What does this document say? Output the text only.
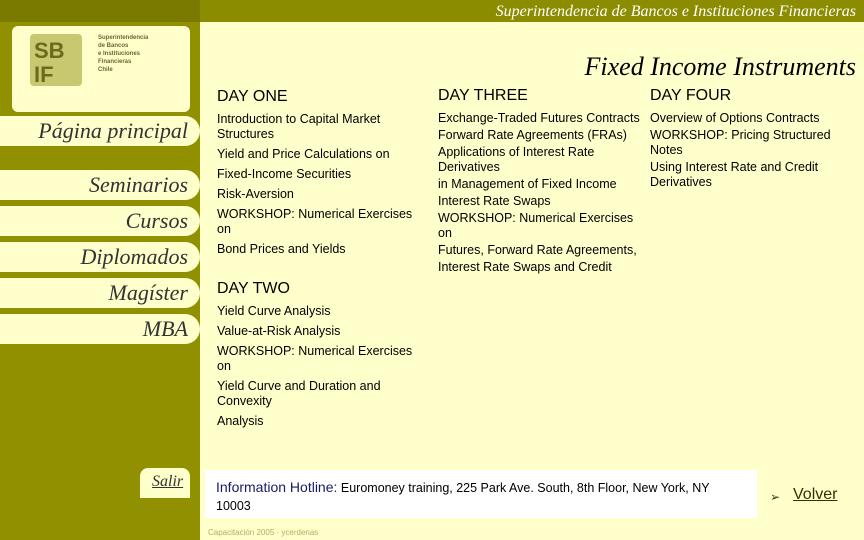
Superintendencia de Bancos e Instituciones Financieras
SB
IF
Superintendencia
de Bancos
e Instituciones
Financieras
Chile
Página principal
Seminarios
Cursos
Diplomados
Magíster
MBA
Salir
Fixed Income Instruments
DAY ONE
Introduction to Capital Market Structures
Yield and Price Calculations on
Fixed-Income Securities
Risk-Aversion
WORKSHOP: Numerical Exercises on
Bond Prices and Yields
DAY TWO
Yield Curve Analysis
Value-at-Risk Analysis
WORKSHOP: Numerical Exercises on
Yield Curve and Duration and Convexity
Analysis
DAY THREE
Exchange-Traded Futures Contracts
Forward Rate Agreements (FRAs)
Applications of Interest Rate Derivatives
in Management of Fixed Income
Interest Rate Swaps
WORKSHOP: Numerical Exercises on
Futures, Forward Rate Agreements,
Interest Rate Swaps and Credit
DAY FOUR
Overview of Options Contracts
WORKSHOP: Pricing Structured Notes
Using Interest Rate and Credit Derivatives
Information Hotline: Euromoney training, 225 Park Ave. South, 8th Floor, New York, NY 10003

➢ Volver
Capacitación 2005 · ycerdenas
